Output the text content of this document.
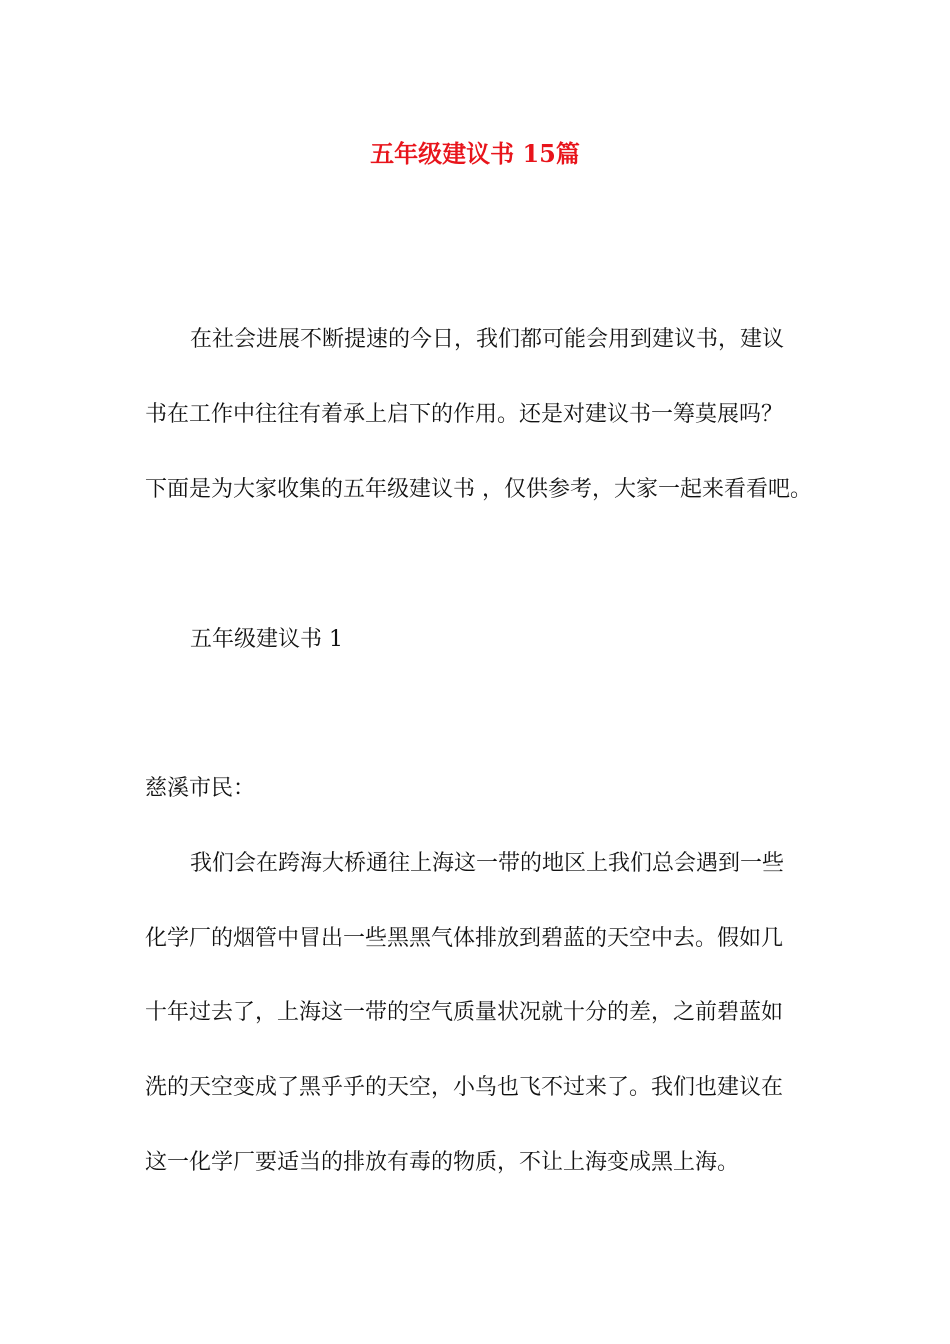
五年级建议书 15篇
在社会进展不断提速的今日，我们都可能会用到建议书，建议
书在工作中往往有着承上启下的作用。还是对建议书一筹莫展吗？
下面是为大家收集的五年级建议书 ，仅供参考，大家一起来看看吧。
五年级建议书 1
慈溪市民：
我们会在跨海大桥通往上海这一带的地区上我们总会遇到一些
化学厂的烟管中冒出一些黑黑气体排放到碧蓝的天空中去。假如几
十年过去了，上海这一带的空气质量状况就十分的差，之前碧蓝如
洗的天空变成了黑乎乎的天空，小鸟也飞不过来了。我们也建议在
这一化学厂要适当的排放有毒的物质，不让上海变成黑上海。
